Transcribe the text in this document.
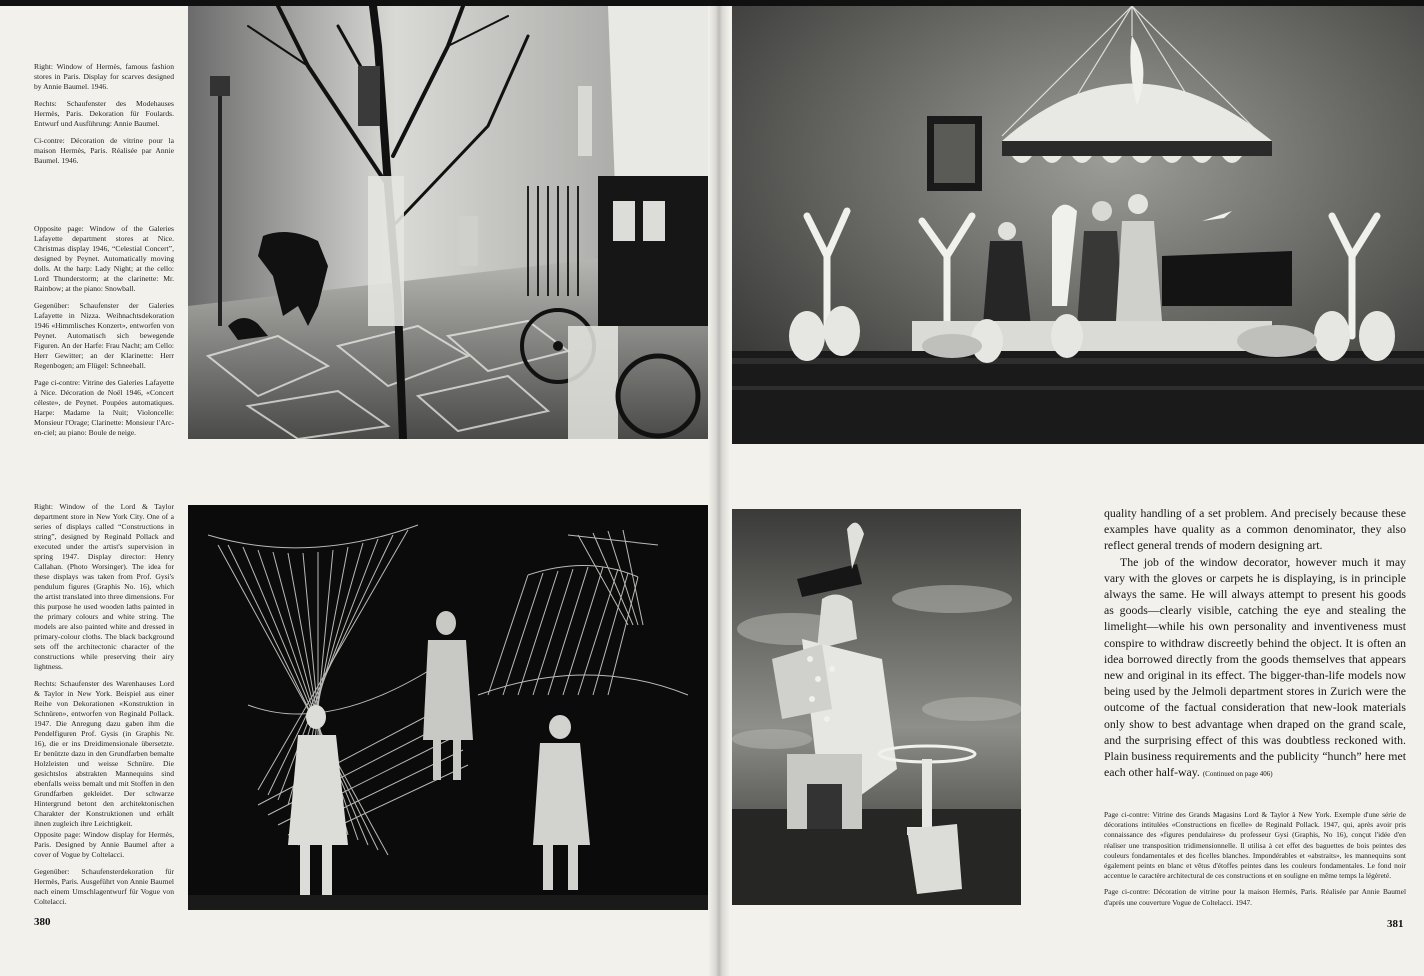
Right: Window of Hermès, famous fashion stores in Paris. Display for scarves designed by Annie Baumel. 1946.

Rechts: Schaufenster des Modehauses Hermès, Paris. Dekoration für Foulards. Entwurf und Ausführung: Annie Baumel.

Ci-contre: Décoration de vitrine pour la maison Hermès, Paris. Réalisée par Annie Baumel. 1946.

Opposite page: Window of the Galeries Lafayette department stores at Nice. Christmas display 1946, “Celestial Concert”, designed by Peynet. Automatically moving dolls. At the harp: Lady Night; at the cello: Lord Thunderstorm; at the clarinette: Mr. Rainbow; at the piano: Snowball.

Gegenüber: Schaufenster der Galeries Lafayette in Nizza. Weihnachtsdekoration 1946 «Himmlisches Konzert», entworfen von Peynet. Automatisch sich bewegende Figuren. An der Harfe: Frau Nacht; am Cello: Herr Gewitter; an der Klarinette: Herr Regenbogen; am Flügel: Schneeball.

Page ci-contre: Vitrine des Galeries Lafayette à Nice. Décoration de Noël 1946, «Concert céleste», de Peynet. Poupées automatiques. Harpe: Madame la Nuit; Violoncelle: Monsieur l'Orage; Clarinette: Monsieur l'Arc-en-ciel; au piano: Boule de neige.

Right: Window of the Lord & Taylor department store in New York City. One of a series of displays called “Constructions in string”, designed by Reginald Pollack and executed under the artist's supervision in spring 1947. Display director: Henry Callahan. (Photo Worsinger). The idea for these displays was taken from Prof. Gysi's pendulum figures (Graphis No. 16), which the artist translated into three dimensions. For this purpose he used wooden laths painted in the primary colours and white string. The models are also painted white and dressed in primary-colour cloths. The black background sets off the architectonic character of the constructions while preserving their airy lightness.

Rechts: Schaufenster des Warenhauses Lord & Taylor in New York. Beispiel aus einer Reihe von Dekorationen «Konstruktion in Schnüren», entworfen von Reginald Pollack. 1947. Die Anregung dazu gaben ihm die Pendelfiguren Prof. Gysis (in Graphis Nr. 16), die er ins Dreidimensionale übersetzte. Er benützte dazu in den Grundfarben bemalte Holzleisten und weisse Schnüre. Die gesichtslos abstrakten Mannequins sind ebenfalls weiss bemalt und mit Stoffen in den Grundfarben gekleidet. Der schwarze Hintergrund betont den architektonischen Charakter der Konstruktionen und erhält ihnen zugleich ihre Leichtigkeit.

Opposite page: Window display for Hermès, Paris. Designed by Annie Baumel after a cover of Vogue by Coltelacci.

Gegenüber: Schaufensterdekoration für Hermès, Paris. Ausgeführt von Annie Baumel nach einem Umschlagentwurf für Vogue von Coltelacci.

380

quality handling of a set problem. And precisely because these examples have quality as a common denominator, they also reflect general trends of modern designing art.

The job of the window decorator, however much it may vary with the gloves or carpets he is displaying, is in principle always the same. He will always attempt to present his goods as goods—clearly visible, catching the eye and stealing the limelight—while his own personality and inventiveness must conspire to withdraw discreetly behind the object. It is often an idea borrowed directly from the goods themselves that appears new and original in its effect. The bigger-than-life models now being used by the Jelmoli department stores in Zurich were the outcome of the factual consideration that new-look materials only show to best advantage when draped on the grand scale, and the surprising effect of this was doubtless reckoned with. Plain business requirements and the publicity “hunch” here met each other half-way. (Continued on page 406)

Page ci-contre: Vitrine des Grands Magasins Lord & Taylor à New York. Exemple d'une série de décorations intitulées «Constructions en ficelle» de Reginald Pollack. 1947, qui, après avoir pris connaissance des «figures pendulaires» du professeur Gysi (Graphis, No 16), conçut l'idée d'en réaliser une transposition tridimensionnelle. Il utilisa à cet effet des baguettes de bois peintes des couleurs fondamentales et des ficelles blanches. Impondérables et «abstraits», les mannequins sont également peints en blanc et vêtus d'étoffes peintes dans les couleurs fondamentales. Le fond noir accentue le caractère architectural de ces constructions et en souligne en même temps la légèreté.

Page ci-contre: Décoration de vitrine pour la maison Hermès, Paris. Réalisée par Annie Baumel d'après une couverture Vogue de Coltelacci. 1947.

381
